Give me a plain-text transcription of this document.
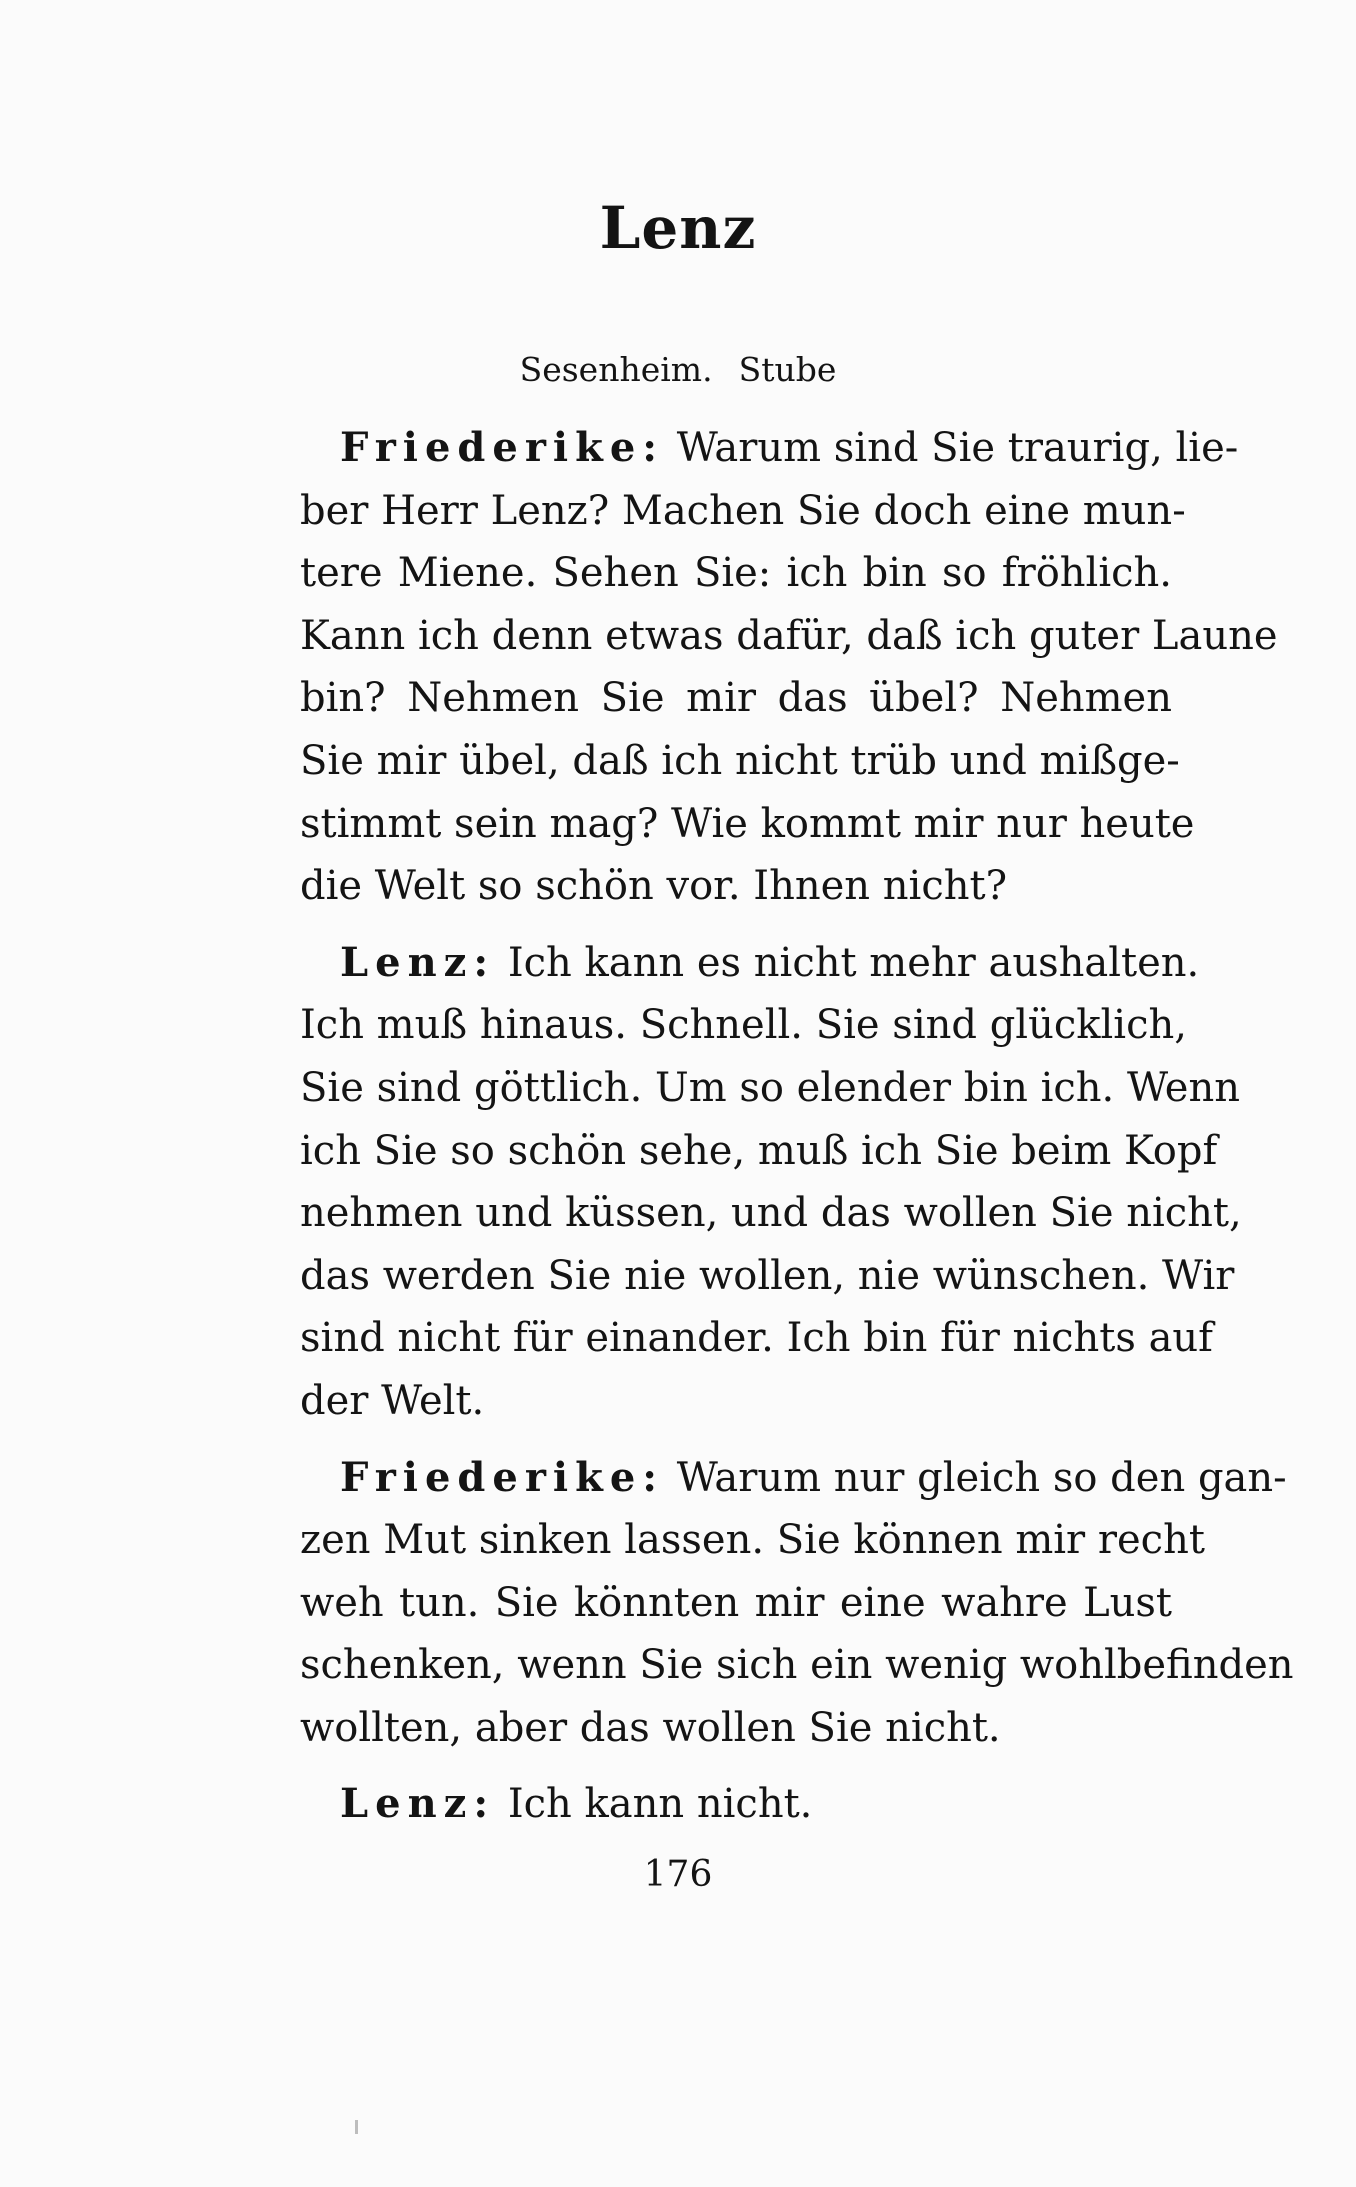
Lenz
Sesenheim. Stube
Friederike: Warum sind Sie traurig, lie-
ber Herr Lenz? Machen Sie doch eine mun-
tere Miene. Sehen Sie: ich bin so fröhlich.
Kann ich denn etwas dafür, daß ich guter Laune
bin? Nehmen Sie mir das übel? Nehmen
Sie mir übel, daß ich nicht trüb und mißge-
stimmt sein mag? Wie kommt mir nur heute
die Welt so schön vor. Ihnen nicht?
Lenz: Ich kann es nicht mehr aushalten.
Ich muß hinaus. Schnell. Sie sind glücklich,
Sie sind göttlich. Um so elender bin ich. Wenn
ich Sie so schön sehe, muß ich Sie beim Kopf
nehmen und küssen, und das wollen Sie nicht,
das werden Sie nie wollen, nie wünschen. Wir
sind nicht für einander. Ich bin für nichts auf
der Welt.
Friederike: Warum nur gleich so den gan-
zen Mut sinken lassen. Sie können mir recht
weh tun. Sie könnten mir eine wahre Lust
schenken, wenn Sie sich ein wenig wohlbefinden
wollten, aber das wollen Sie nicht.
Lenz: Ich kann nicht.
176
